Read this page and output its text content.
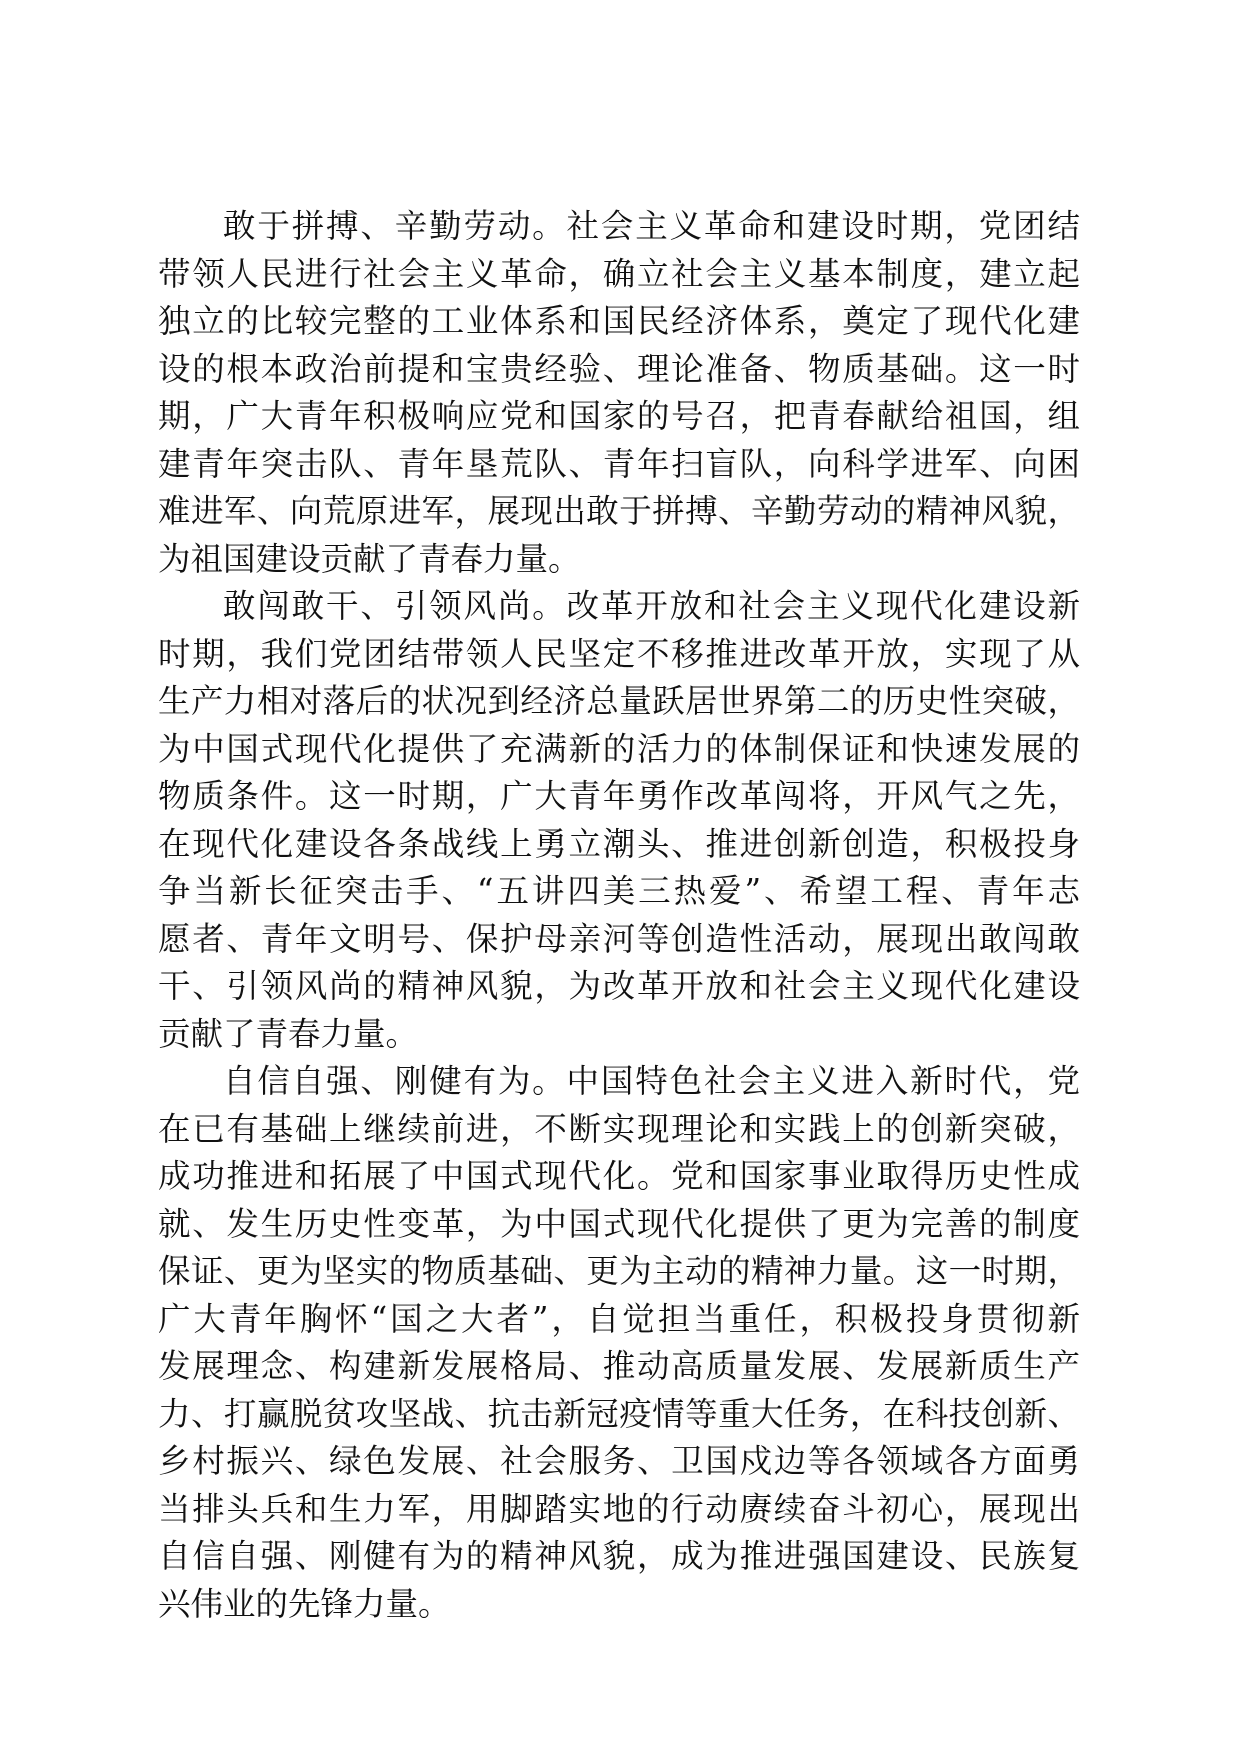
敢于拼搏、辛勤劳动。社会主义革命和建设时期，党团结
带领人民进行社会主义革命，确立社会主义基本制度，建立起
独立的比较完整的工业体系和国民经济体系，奠定了现代化建
设的根本政治前提和宝贵经验、理论准备、物质基础。这一时
期，广大青年积极响应党和国家的号召，把青春献给祖国，组
建青年突击队、青年垦荒队、青年扫盲队，向科学进军、向困
难进军、向荒原进军，展现出敢于拼搏、辛勤劳动的精神风貌，
为祖国建设贡献了青春力量。
敢闯敢干、引领风尚。改革开放和社会主义现代化建设新
时期，我们党团结带领人民坚定不移推进改革开放，实现了从
生产力相对落后的状况到经济总量跃居世界第二的历史性突破，
为中国式现代化提供了充满新的活力的体制保证和快速发展的
物质条件。这一时期，广大青年勇作改革闯将，开风气之先，
在现代化建设各条战线上勇立潮头、推进创新创造，积极投身
争当新长征突击手、“五讲四美三热爱”、希望工程、青年志
愿者、青年文明号、保护母亲河等创造性活动，展现出敢闯敢
干、引领风尚的精神风貌，为改革开放和社会主义现代化建设
贡献了青春力量。
自信自强、刚健有为。中国特色社会主义进入新时代，党
在已有基础上继续前进，不断实现理论和实践上的创新突破，
成功推进和拓展了中国式现代化。党和国家事业取得历史性成
就、发生历史性变革，为中国式现代化提供了更为完善的制度
保证、更为坚实的物质基础、更为主动的精神力量。这一时期，
广大青年胸怀“国之大者”，自觉担当重任，积极投身贯彻新
发展理念、构建新发展格局、推动高质量发展、发展新质生产
力、打赢脱贫攻坚战、抗击新冠疫情等重大任务，在科技创新、
乡村振兴、绿色发展、社会服务、卫国戍边等各领域各方面勇
当排头兵和生力军，用脚踏实地的行动赓续奋斗初心，展现出
自信自强、刚健有为的精神风貌，成为推进强国建设、民族复
兴伟业的先锋力量。
